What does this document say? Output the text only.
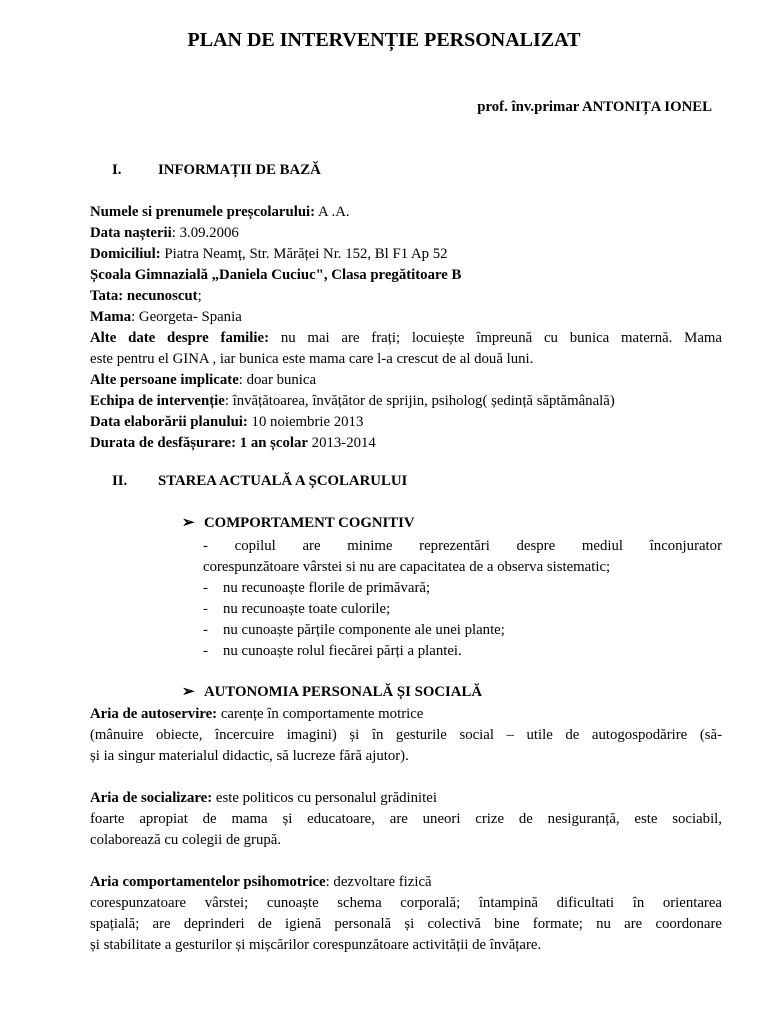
PLAN DE INTERVENȚIE PERSONALIZAT
prof. înv.primar ANTONIȚA IONEL
I. INFORMAȚII DE BAZĂ
Numele si prenumele preșcolarului: A .A.
Data nașterii: 3.09.2006
Domiciliul: Piatra Neamț, Str. Mărăței Nr. 152, Bl F1 Ap 52
Școala Gimnazială „Daniela Cuciuc", Clasa pregătitoare B
Tata: necunoscut;
Mama: Georgeta- Spania
Alte date despre familie: nu mai are frați; locuiește împreună cu bunica maternă. Mama
este pentru el GINA , iar bunica este mama care l-a crescut de al două luni.
Alte persoane implicate: doar bunica
Echipa de intervenție: învățătoarea, învățător de sprijin, psiholog( ședință săptămânală)
Data elaborării planului: 10 noiembrie 2013
Durata de desfășurare: 1 an școlar 2013-2014
II. STAREA ACTUALĂ A ȘCOLARULUI
➢ COMPORTAMENT COGNITIV
- copilul are minime reprezentări despre mediul înconjurator
corespunzătoare vârstei si nu are capacitatea de a observa sistematic;
- nu recunoaște florile de primăvară;
- nu recunoaște toate culorile;
- nu cunoaște părțile componente ale unei plante;
- nu cunoaște rolul fiecărei părți a plantei.
➢ AUTONOMIA PERSONALĂ ȘI SOCIALĂ
Aria de autoservire: carențe în comportamente motrice
(mânuire obiecte, încercuire imagini) și în gesturile social – utile de autogospodărire (să-
și ia singur materialul didactic, să lucreze fără ajutor).
Aria de socializare: este politicos cu personalul grădinitei
foarte apropiat de mama și educatoare, are uneori crize de nesiguranță, este sociabil,
colaborează cu colegii de grupă.
Aria comportamentelor psihomotrice: dezvoltare fizică
corespunzatoare vârstei; cunoaște schema corporală; întampină dificultati în orientarea
spațială; are deprinderi de igienă personală și colectivă bine formate; nu are coordonare
și stabilitate a gesturilor și mișcărilor corespunzătoare activității de învățare.
